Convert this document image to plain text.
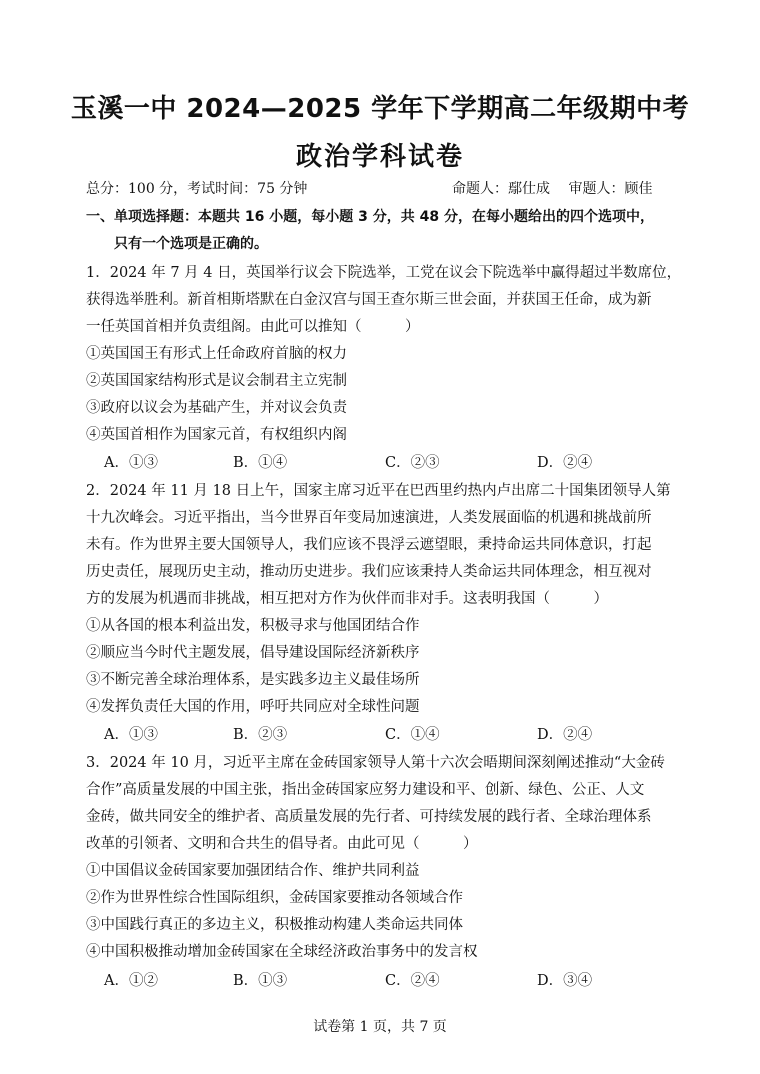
玉溪一中 2024—2025 学年下学期高二年级期中考
政治学科试卷
总分：100 分，考试时间：75 分钟	命题人：鄢仕成　 审题人：顾佳
一、单项选择题：本题共 16 小题，每小题 3 分，共 48 分，在每小题给出的四个选项中，
只有一个选项是正确的。
1．2024 年 7 月 4 日，英国举行议会下院选举，工党在议会下院选举中赢得超过半数席位，
获得选举胜利。新首相斯塔默在白金汉宫与国王查尔斯三世会面，并获国王任命，成为新
一任英国首相并负责组阁。由此可以推知（　　　）
①英国国王有形式上任命政府首脑的权力
②英国国家结构形式是议会制君主立宪制
③政府以议会为基础产生，并对议会负责
④英国首相作为国家元首，有权组织内阁
A．①③	B．①④	C．②③	D．②④
2．2024 年 11 月 18 日上午，国家主席习近平在巴西里约热内卢出席二十国集团领导人第
十九次峰会。习近平指出，当今世界百年变局加速演进，人类发展面临的机遇和挑战前所
未有。作为世界主要大国领导人，我们应该不畏浮云遮望眼，秉持命运共同体意识，打起
历史责任，展现历史主动，推动历史进步。我们应该秉持人类命运共同体理念，相互视对
方的发展为机遇而非挑战，相互把对方作为伙伴而非对手。这表明我国（　　　）
①从各国的根本利益出发，积极寻求与他国团结合作
②顺应当今时代主题发展，倡导建设国际经济新秩序
③不断完善全球治理体系，是实践多边主义最佳场所
④发挥负责任大国的作用，呼吁共同应对全球性问题
A．①③	B．②③	C．①④	D．②④
3．2024 年 10 月，习近平主席在金砖国家领导人第十六次会晤期间深刻阐述推动“大金砖
合作”高质量发展的中国主张，指出金砖国家应努力建设和平、创新、绿色、公正、人文
金砖，做共同安全的维护者、高质量发展的先行者、可持续发展的践行者、全球治理体系
改革的引领者、文明和合共生的倡导者。由此可见（　　　）
①中国倡议金砖国家要加强团结合作、维护共同利益
②作为世界性综合性国际组织，金砖国家要推动各领域合作
③中国践行真正的多边主义，积极推动构建人类命运共同体
④中国积极推动增加金砖国家在全球经济政治事务中的发言权
A．①②	B．①③	C．②④	D．③④
试卷第 1 页，共 7 页
